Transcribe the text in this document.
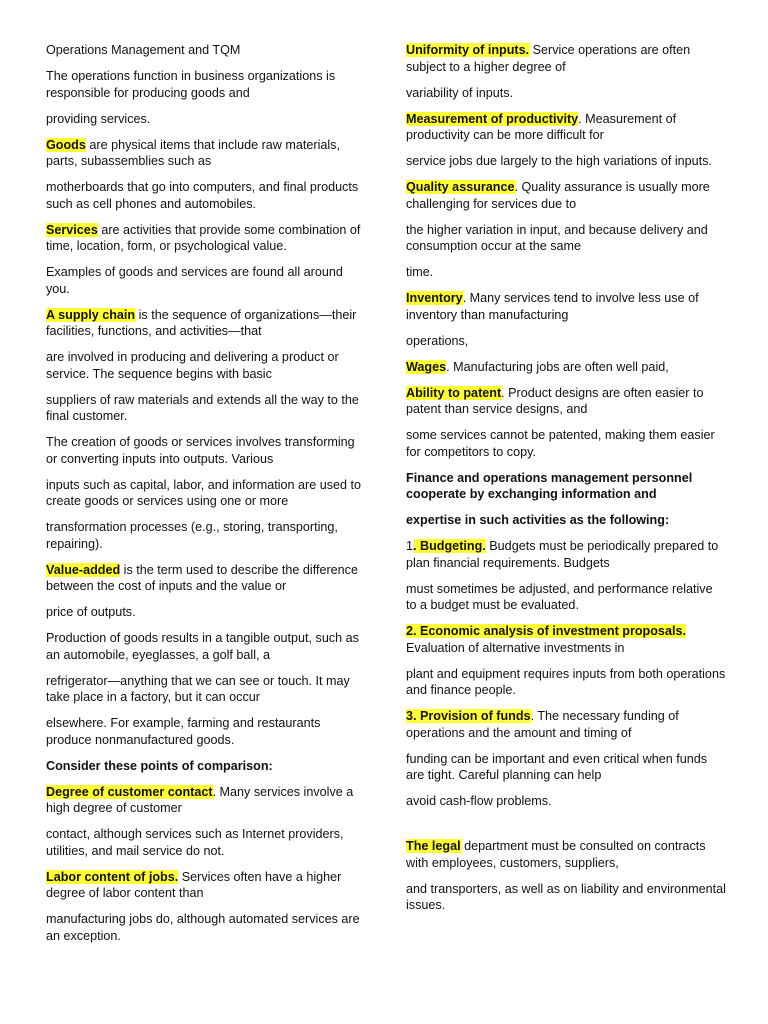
Operations Management and TQM

The operations function in business organizations is responsible for producing goods and

providing services.

Goods are physical items that include raw materials, parts, subassemblies such as

motherboards that go into computers, and final products such as cell phones and automobiles.

Services are activities that provide some combination of time, location, form, or psychological value.

Examples of goods and services are found all around you.

A supply chain is the sequence of organizations—their facilities, functions, and activities—that

are involved in producing and delivering a product or service. The sequence begins with basic

suppliers of raw materials and extends all the way to the final customer.

The creation of goods or services involves transforming or converting inputs into outputs. Various

inputs such as capital, labor, and information are used to create goods or services using one or more

transformation processes (e.g., storing, transporting, repairing).

Value-added is the term used to describe the difference between the cost of inputs and the value or

price of outputs.

Production of goods results in a tangible output, such as an automobile, eyeglasses, a golf ball, a

refrigerator—anything that we can see or touch. It may take place in a factory, but it can occur

elsewhere. For example, farming and restaurants produce nonmanufactured goods.

Consider these points of comparison:

Degree of customer contact. Many services involve a high degree of customer

contact, although services such as Internet providers, utilities, and mail service do not.

Labor content of jobs. Services often have a higher degree of labor content than

manufacturing jobs do, although automated services are an exception.

Uniformity of inputs. Service operations are often subject to a higher degree of

variability of inputs.

Measurement of productivity. Measurement of productivity can be more difficult for

service jobs due largely to the high variations of inputs.

Quality assurance. Quality assurance is usually more challenging for services due to

the higher variation in input, and because delivery and consumption occur at the same

time.

Inventory. Many services tend to involve less use of inventory than manufacturing

operations,

Wages. Manufacturing jobs are often well paid,

Ability to patent. Product designs are often easier to patent than service designs, and

some services cannot be patented, making them easier for competitors to copy.

Finance and operations management personnel cooperate by exchanging information and

expertise in such activities as the following:

1. Budgeting. Budgets must be periodically prepared to plan financial requirements. Budgets

must sometimes be adjusted, and performance relative to a budget must be evaluated.

2. Economic analysis of investment proposals. Evaluation of alternative investments in

plant and equipment requires inputs from both operations and finance people.

3. Provision of funds. The necessary funding of operations and the amount and timing of

funding can be important and even critical when funds are tight. Careful planning can help

avoid cash-flow problems.

The legal department must be consulted on contracts with employees, customers, suppliers,

and transporters, as well as on liability and environmental issues.
